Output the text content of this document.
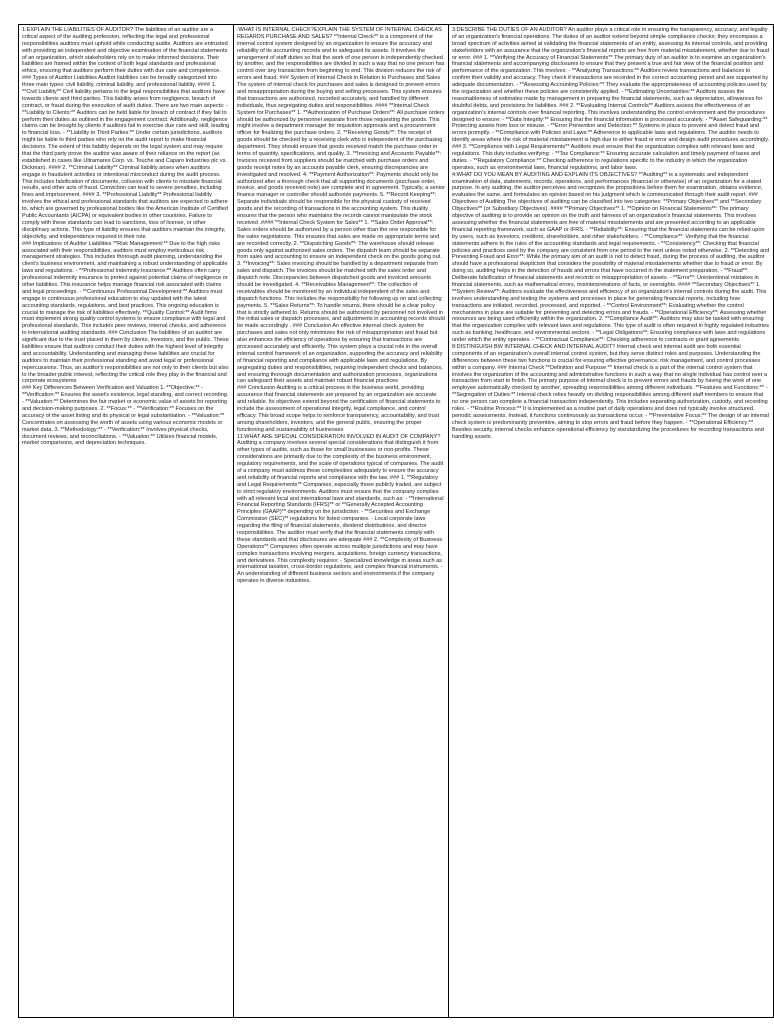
1:EXPLAIN THE LIABILITIES OF AUDITOR? The liabilities of an auditor are a critical aspect of the auditing profession, reflecting the legal and professional responsibilities auditors must uphold while conducting audits. Auditors are entrusted with providing an independent and objective examination of the financial statements of an organization, which stakeholders rely on to make informed decisions. Their liabilities are framed within the context of both legal standards and professional ethics, ensuring that auditors perform their duties with due care and competence. ### Types of Auditor Liabilities Auditor liabilities can be broadly categorized into three main types: civil liability, criminal liability, and professional liability. #### 1. **Civil Liability** Civil liability pertains to the legal responsibilities that auditors have towards clients and third parties. This liability arises from negligence, breach of contract, or fraud during the execution of audit duties. There are two main aspects: - **Liability to Clients:** Auditors can be held liable for breach of contract if they fail to perform their duties as outlined in the engagement contract. Additionally, negligence claims can be brought by clients if auditors fail to exercise due care and skill, leading to financial loss. - **Liability to Third Parties:** Under certain jurisdictions, auditors might be liable to third parties who rely on the audit report to make financial decisions. The extent of this liability depends on the legal system and may require that the third party prove the auditor was aware of their reliance on the report (as established in cases like Ultramares Corp. vs. Touche and Caparo Industries plc vs. Dickman). #### 2. **Criminal Liability** Criminal liability arises when auditors engage in fraudulent activities or intentional misconduct during the audit process. This includes falsification of documents, collusion with clients to misstate financial results, and other acts of fraud. Conviction can lead to severe penalties, including fines and imprisonment. #### 3. **Professional Liability** Professional liability involves the ethical and professional standards that auditors are expected to adhere to, which are governed by professional bodies like the American Institute of Certified Public Accountants (AICPA) or equivalent bodies in other countries. Failure to comply with these standards can lead to sanctions, loss of license, or other disciplinary actions. This type of liability ensures that auditors maintain the integrity, objectivity, and independence required in their role.
### Implications of Auditor Liabilities **Risk Management:** Due to the high risks associated with their responsibilities, auditors must employ meticulous risk management strategies. This includes thorough audit planning, understanding the client's business environment, and maintaining a robust understanding of applicable laws and regulations. - **Professional Indemnity Insurance:** Auditors often carry professional indemnity insurance to protect against potential claims of negligence or other liabilities. This insurance helps manage financial risk associated with claims and legal proceedings. - **Continuous Professional Development:** Auditors must engage in continuous professional education to stay updated with the latest accounting standards, regulations, and best practices. This ongoing education is crucial to manage the risk of liabilities effectively. **Quality Control:** Audit firms must implement strong quality control systems to ensure compliance with legal and professional standards. This includes peer reviews, internal checks, and adherence to international auditing standards. ### Conclusion The liabilities of an auditor are significant due to the trust placed in them by clients, investors, and the public. These liabilities ensure that auditors conduct their duties with the highest level of integrity and accountability. Understanding and managing these liabilities are crucial for auditors to maintain their professional standing and avoid legal or professional repercussions. Thus, an auditor's responsibilities are not only to their clients but also to the broader public interest, reflecting the critical role they play in the financial and corporate ecosystems
### Key Differences Between Verification and Valuation 1. **Objective:** - **Verification:** Ensures the asset's existence, legal standing, and correct recording. - **Valuation:** Determines the fair market or economic value of assets for reporting and decision-making purposes. 2. **Focus:** - **Verification:** Focuses on the accuracy of the asset listing and its physical or legal substantiation. - **Valuation:** Concentrates on assessing the worth of assets using various economic models or market data. 3. **Methodology:** - **Verification:** Involves physical checks, document reviews, and reconciliations. - **Valuation:** Utilizes financial models, market comparisons, and depreciation techniques.

:WHAT IS INTERNAL CHECK?EXPLAIN THE SYSTEM OF INTERNAL CHECK AS REGARDS PURCHASE AND SALES? **Internal Check** is a component of the internal control system designed by an organization to ensure the accuracy and reliability of its accounting records and to safeguard its assets. It involves the arrangement of staff duties so that the work of one person is independently checked by another, and the responsibilities are divided in such a way that no one person has control over any transaction from beginning to end. This division reduces the risk of errors and fraud. ### System of Internal Check in Relation to Purchases and Sales The system of internal check for purchases and sales is designed to prevent errors and misappropriation during the buying and selling processes. This system ensures that transactions are authorized, recorded accurately, and handled by different individuals, thus segregating duties and responsibilities. #### **Internal Check System for Purchases** 1. **Authorization of Purchase Orders**: All purchase orders should be authorized by personnel separate from those requesting the goods. This might involve a department manager for requisition approvals and a procurement officer for finalizing the purchase orders. 2. **Receiving Goods**: The receipt of goods should be checked by a receiving clerk who is independent of the purchasing department. They should ensure that goods received match the purchase order in terms of quantity, specifications, and quality. 3. **Invoicing and Accounts Payable**: Invoices received from suppliers should be matched with purchase orders and goods receipt notes by an accounts payable clerk, ensuring discrepancies are investigated and resolved. 4. **Payment Authorization**: Payments should only be authorized after a thorough check that all supporting documents (purchase order, invoice, and goods received note) are complete and in agreement. Typically, a senior finance manager or controller should authorize payments. 5. **Record Keeping**: Separate individuals should be responsible for the physical custody of received goods and the recording of transactions in the accounting system. This duality ensures that the person who maintains the records cannot manipulate the stock received .#### **Internal Check System for Sales** 1. **Sales Order Approval**: Sales orders should be authorized by a person other than the one responsible for the sales negotiations. This ensures that sales are made on appropriate terms and are recorded correctly. 2. **Dispatching Goods**: The warehouse should release goods only against authorized sales orders. The dispatch team should be separate from sales and accounting to ensure an independent check on the goods going out. 3. **Invoicing**: Sales invoicing should be handled by a department separate from sales and dispatch. The invoices should be matched with the sales order and dispatch note. Discrepancies between dispatched goods and invoiced amounts should be investigated. 4. **Receivables Management**: The collection of receivables should be monitored by an individual independent of the sales and dispatch functions. This includes the responsibility for following up on and collecting payments. 5. **Sales Returns**: To handle returns, there should be a clear policy that is strictly adhered to. Returns should be authorized by personnel not involved in the initial sales or dispatch processes, and adjustments in accounting records should be made accordingly . ### Conclusion An effective internal check system for purchases and sales not only minimizes the risk of misappropriation and fraud but also enhances the efficiency of operations by ensuring that transactions are processed accurately and efficiently. This system plays a crucial role in the overall internal control framework of an organization, supporting the accuracy and reliability of financial reporting and compliance with applicable laws and regulations. By segregating duties and responsibilities, requiring independent checks and balances, and ensuring thorough documentation and authorization processes, organizations can safeguard their assets and maintain robust financial practices
### Conclusion Auditing is a critical process in the business world, providing assurance that financial statements are prepared by an organization are accurate and reliable. Its objectives extend beyond the certification of financial statements to include the assessment of operational integrity, legal compliance, and control efficacy. This broad scope helps to reinforce transparency, accountability, and trust among shareholders, investors, and the general public, ensuring the proper functioning and sustainability of businesses
11:WHAT ARE SPECIAL CONSIDERATION INVOLVED IN AUDIT OF COMPANY? Auditing a company involves several special considerations that distinguish it from other types of audits, such as those for small businesses or non-profits. These considerations are primarily due to the complexity of the business environment, regulatory requirements, and the scale of operations typical of companies. The audit of a company must address these complexities adequately to ensure the accuracy and reliability of financial reports and compliance with the law. ### 1. **Regulatory and Legal Requirements** Companies, especially those publicly traded, are subject to strict regulatory environments. Auditors must ensure that the company complies with all relevant local and international laws and standards, such as: - **International Financial Reporting Standards (IFRS)** or **Generally Accepted Accounting Principles (GAAP)** depending on the jurisdiction. - **Securities and Exchange Commission (SEC)** regulations for listed companies. - Local corporate laws regarding the filing of financial statements, dividend distributions, and director responsibilities. The auditor must verify that the financial statements comply with these standards and that disclosures are adequate ### 2. **Complexity of Business Operations** Companies often operate across multiple jurisdictions and may have complex transactions involving mergers, acquisitions, foreign currency transactions, and derivatives. This complexity requires: - Specialized knowledge in areas such as international taxation, cross-border regulations, and complex financial instruments. - An understanding of different business sectors and environments if the company operates in diverse industries.

3:DESCRIBE THE DUTIES OF AN AUDITOR? An auditor plays a critical role in ensuring the transparency, accuracy, and legality of an organization's financial operations. The duties of an auditor extend beyond simple compliance checks; they encompass a broad spectrum of activities aimed at validating the financial statements of an entity, assessing its internal controls, and providing stakeholders with an assurance that the organization's financial reports are free from material misstatement, whether due to fraud or error. ### 1. **Verifying the Accuracy of Financial Statements** The primary duty of an auditor is to examine an organization's financial statements and accompanying disclosures to ensure that they present a true and fair view of the financial position and performance of the organization. This involves: - **Analyzing Transactions:** Auditors review transactions and balances to confirm their validity and accuracy. They check if transactions are recorded in the correct accounting period and are supported by adequate documentation. - **Assessing Accounting Policies:** They evaluate the appropriateness of accounting policies used by the organization and whether these policies are consistently applied. - **Estimating Uncertainties:** Auditors assess the reasonableness of estimates made by management in preparing the financial statements, such as depreciation, allowances for doubtful debts, and provisions for liabilities. ### 2. **Evaluating Internal Controls** Auditors assess the effectiveness of an organization's internal controls over financial reporting. This involves understanding the control environment and the procedures designed to ensure: - **Data Integrity:** Ensuring that the financial information is processed accurately. - **Asset Safeguarding:** Protecting assets from loss or misuse. - **Error Prevention and Detection:** Systems in place to prevent and detect fraud and errors promptly. - **Compliance with Policies and Laws:** Adherence to applicable laws and regulations. The auditor needs to identify areas where the risk of material misstatement is high due to either fraud or error and design audit procedures accordingly. ### 3. **Compliance with Legal Requirements** Auditors must ensure that the organization complies with relevant laws and regulations. This duty includes verifying: - **Tax Compliance:** Ensuring accurate calculation and timely payment of taxes and duties. - **Regulatory Compliance:** Checking adherence to regulations specific to the industry in which the organization operates, such as environmental laws, financial regulations, and labor laws.
4:WHAT DO YOU MEAN BY AUDITING AND EXPLAIN ITS OBJECTIVES? **Auditing** is a systematic and independent examination of data, statements, records, operations, and performances (financial or otherwise) of an organization for a stated purpose. In any auditing, the auditor perceives and recognizes the propositions before them for examination, obtains evidence, evaluates the same, and formulates an opinion based on his judgment which is communicated through their audit report. ### Objectives of Auditing The objectives of auditing can be classified into two categories: **Primary Objectives** and **Secondary Objectives** (or Subsidiary Objectives). #### **Primary Objectives** 1. **Opinion on Financial Statements**: The primary objective of auditing is to provide an opinion on the truth and fairness of an organization's financial statements. This involves assessing whether the financial statements are free of material misstatements and are presented according to an applicable financial reporting framework, such as GAAP or IFRS. - **Reliability**: Ensuring that the financial statements can be relied upon by users, such as investors, creditors, shareholders, and other stakeholders. - **Compliance**: Verifying that the financial statements adhere to the rules of the accounting standards and legal requirements. - **Consistency**: Checking that financial policies and practices used by the company are consistent from one period to the next unless noted otherwise. 2. **Detecting and Preventing Fraud and Error**: While the primary aim of an audit is not to detect fraud, during the process of auditing, the auditor should have a professional skepticism that considers the possibility of material misstatements whether due to fraud or error. By doing so, auditing helps in the detection of frauds and errors that have occurred in the statement preparation. - **Fraud**: Deliberate falsification of financial statements and records or misappropriation of assets. - **Error**: Unintentional mistakes in financial statements, such as mathematical errors, misinterpretations of facts, or oversights. #### **Secondary Objectives** 1. **System Review**: Auditors evaluate the effectiveness and efficiency of an organization's internal controls during the audit. This involves understanding and testing the systems and processes in place for generating financial reports, including how transactions are initiated, recorded, processed, and reported. - **Control Environment**: Evaluating whether the control mechanisms in place are suitable for preventing and detecting errors and frauds. - **Operational Efficiency**: Assessing whether resources are being used efficiently within the organization. 2. **Compliance Audit**: Auditors may also be tasked with ensuring that the organization complies with relevant laws and regulations. This type of audit is often required in highly regulated industries such as banking, healthcare, and environmental sectors. - **Legal Obligations**: Ensuring compliance with laws and regulations under which the entity operates. - **Contractual Compliance**: Checking adherence to contracts or grant agreements
8:DISTINGUISH BW INTERNAL CHECK AND INTERNAL AUDIT? Internal check and internal audit are both essential components of an organization's overall internal control system, but they serve distinct roles and purposes. Understanding the differences between these two functions is crucial for ensuring effective governance, risk management, and control processes within a company. ### Internal Check **Definition and Purpose:** Internal check is a part of the internal control system that involves the organization of the accounting and administrative functions in such a way that no single individual has control over a transaction from start to finish. The primary purpose of internal check is to prevent errors and frauds by having the work of one employee automatically checked by another, spreading responsibilities among different individuals. **Features and Functions:** - **Segregation of Duties:** Internal check relies heavily on dividing responsibilities among different staff members to ensure that no one person can complete a financial transaction independently. This includes separating authorization, custody, and recording roles. - **Routine Process:** It is implemented as a routine part of daily operations and does not typically involve structured, periodic assessments. Instead, it functions continuously as transactions occur. - **Preventative Focus:** The design of an internal check system is predominantly preventive, aiming to stop errors and fraud before they happen. - **Operational Efficiency:** Besides security, internal checks enhance operational efficiency by standardizing the procedures for recording transactions and handling assets.
